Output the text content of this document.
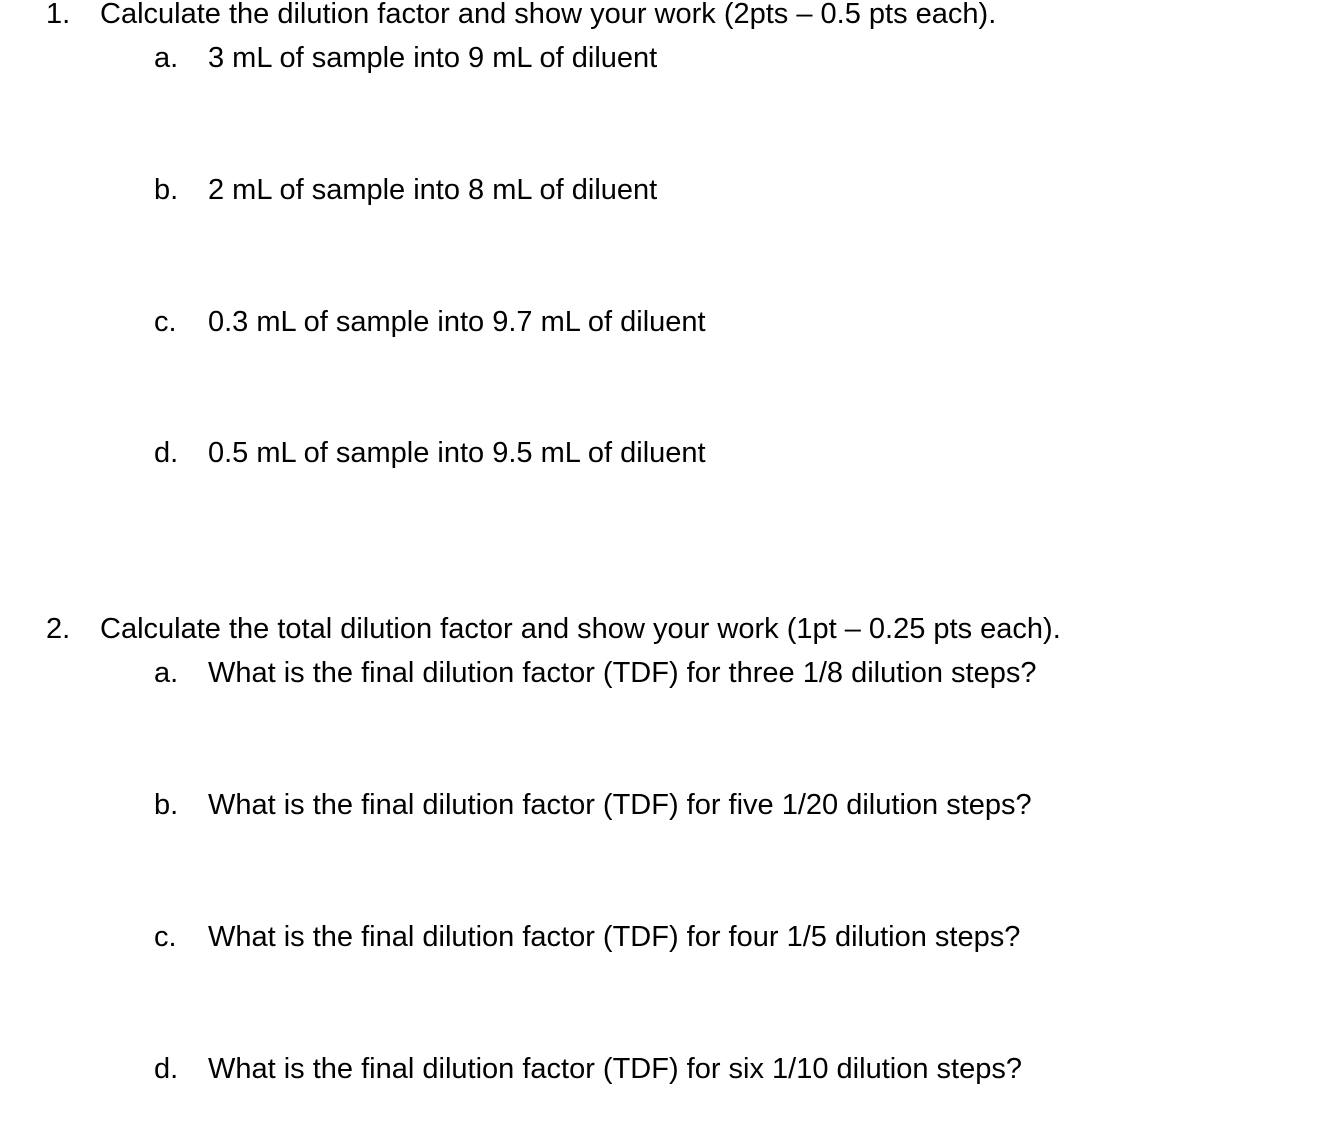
1. Calculate the dilution factor and show your work (2pts – 0.5 pts each).
a. 3 mL of sample into 9 mL of diluent
b. 2 mL of sample into 8 mL of diluent
c. 0.3 mL of sample into 9.7 mL of diluent
d. 0.5 mL of sample into 9.5 mL of diluent
2. Calculate the total dilution factor and show your work (1pt – 0.25 pts each).
a. What is the final dilution factor (TDF) for three 1/8 dilution steps?
b. What is the final dilution factor (TDF) for five 1/20 dilution steps?
c. What is the final dilution factor (TDF) for four 1/5 dilution steps?
d. What is the final dilution factor (TDF) for six 1/10 dilution steps?
